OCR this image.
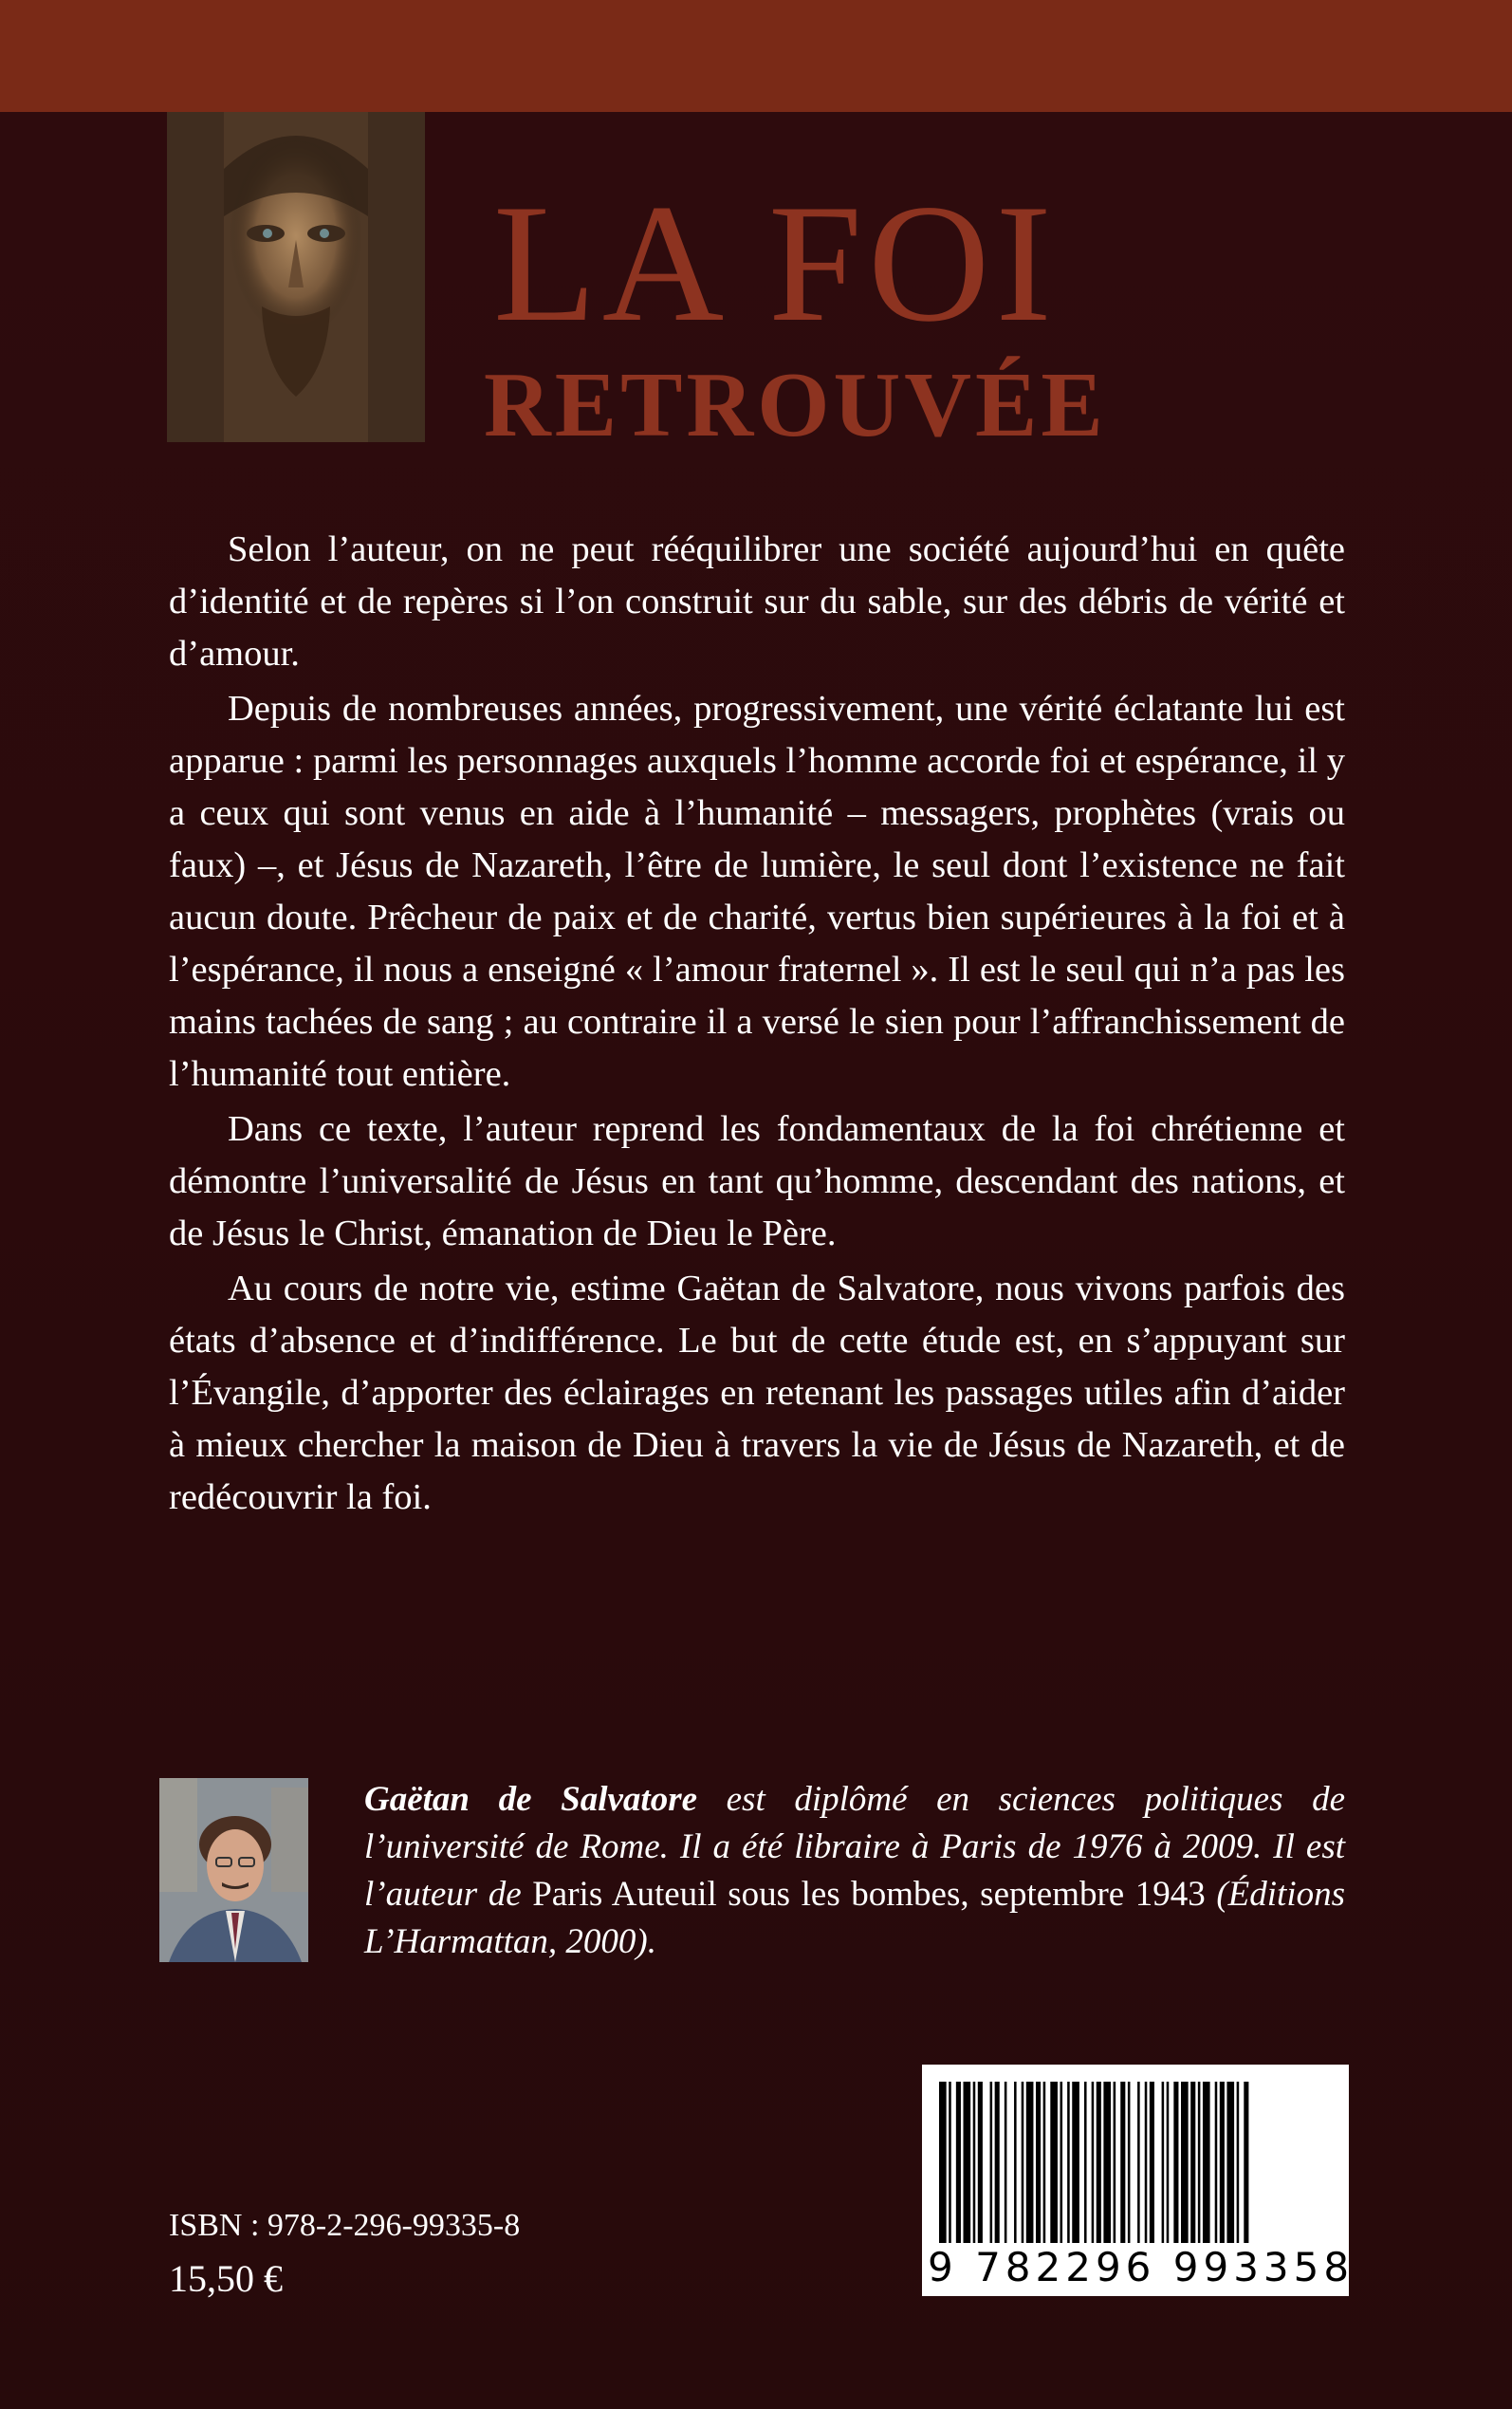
LA FOI
RETROUVÉE

Selon l’auteur, on ne peut rééquilibrer une société aujourd’hui en quête d’identité et de repères si l’on construit sur du sable, sur des débris de vérité et d’amour.

Depuis de nombreuses années, progressivement, une vérité éclatante lui est apparue : parmi les personnages auxquels l’homme accorde foi et espérance, il y a ceux qui sont venus en aide à l’humanité – messagers, prophètes (vrais ou faux) –, et Jésus de Nazareth, l’être de lumière, le seul dont l’existence ne fait aucun doute. Prêcheur de paix et de charité, vertus bien supérieures à la foi et à l’espérance, il nous a enseigné « l’amour fraternel ». Il est le seul qui n’a pas les mains tachées de sang ; au contraire il a versé le sien pour l’affranchissement de l’humanité tout entière.

Dans ce texte, l’auteur reprend les fondamentaux de la foi chrétienne et démontre l’universalité de Jésus en tant qu’homme, descendant des nations, et de Jésus le Christ, émanation de Dieu le Père.

Au cours de notre vie, estime Gaëtan de Salvatore, nous vivons parfois des états d’absence et d’indifférence. Le but de cette étude est, en s’appuyant sur l’Évangile, d’apporter des éclairages en retenant les passages utiles afin d’aider à mieux chercher la maison de Dieu à travers la vie de Jésus de Nazareth, et de redécouvrir la foi.

Gaëtan de Salvatore est diplômé en sciences politiques de l’université de Rome. Il a été libraire à Paris de 1976 à 2009. Il est l’auteur de Paris Auteuil sous les bombes, septembre 1943 (Éditions L’Harmattan, 2000).
ISBN : 978-2-296-99335-8
15,50 €	9 782296 993358
